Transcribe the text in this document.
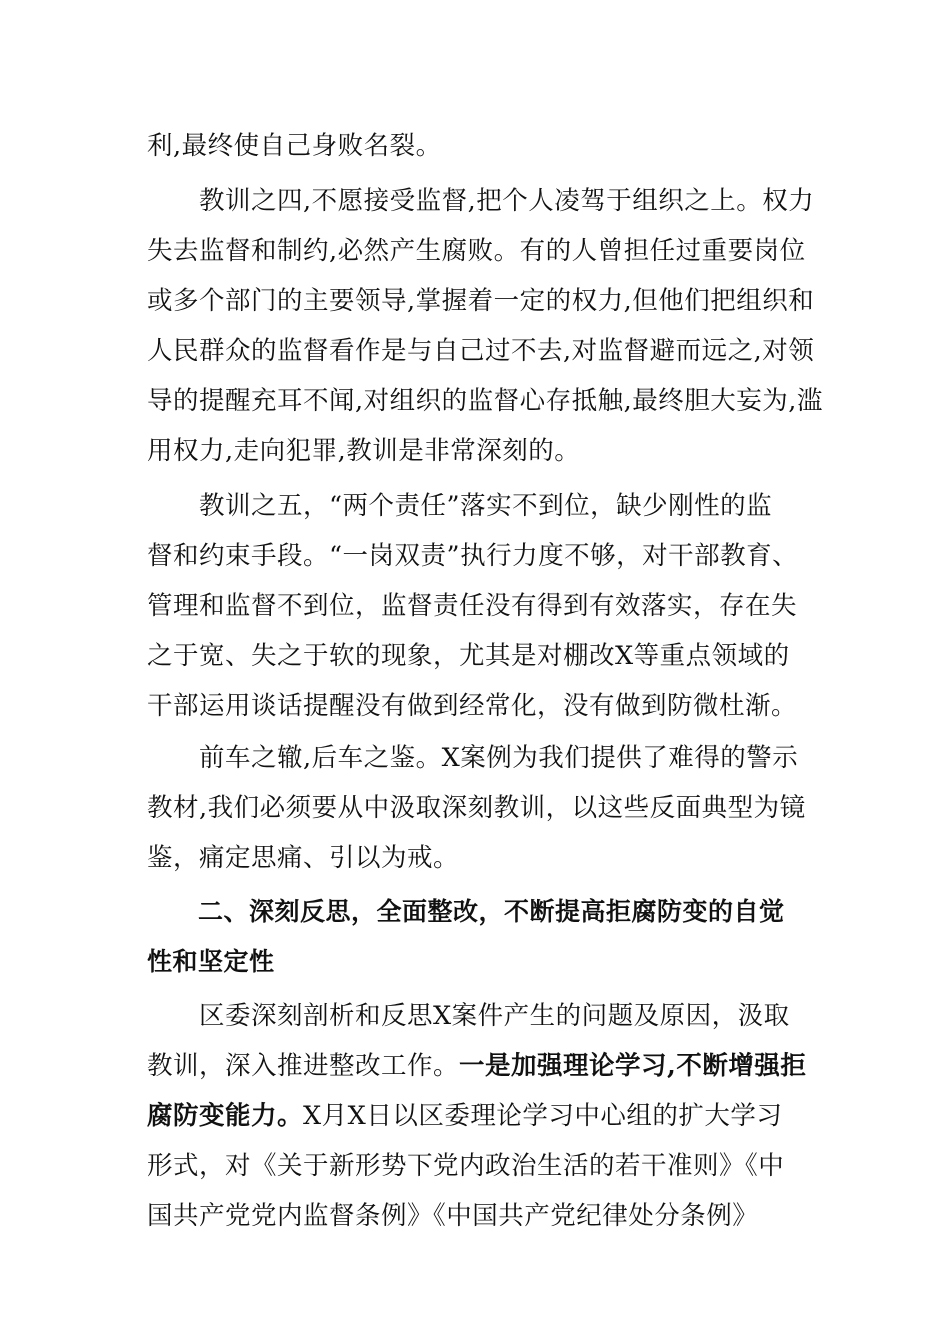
利,最终使自己身败名裂。
　　教训之四,不愿接受监督,把个人凌驾于组织之上。权力
失去监督和制约,必然产生腐败。有的人曾担任过重要岗位
或多个部门的主要领导,掌握着一定的权力,但他们把组织和
人民群众的监督看作是与自己过不去,对监督避而远之,对领
导的提醒充耳不闻,对组织的监督心存抵触,最终胆大妄为,滥
用权力,走向犯罪,教训是非常深刻的。
　　教训之五，“两个责任”落实不到位，缺少刚性的监
督和约束手段。“一岗双责”执行力度不够，对干部教育、
管理和监督不到位，监督责任没有得到有效落实，存在失
之于宽、失之于软的现象，尤其是对棚改X等重点领域的
干部运用谈话提醒没有做到经常化，没有做到防微杜渐。
　　前车之辙,后车之鉴。X案例为我们提供了难得的警示
教材,我们必须要从中汲取深刻教训，以这些反面典型为镜
鉴，痛定思痛、引以为戒。
　　二、深刻反思，全面整改，不断提高拒腐防变的自觉
性和坚定性
　　区委深刻剖析和反思X案件产生的问题及原因，汲取
教训，深入推进整改工作。一是加强理论学习,不断增强拒
腐防变能力。X月X日以区委理论学习中心组的扩大学习
形式，对《关于新形势下党内政治生活的若干准则》《中
国共产党党内监督条例》《中国共产党纪律处分条例》
